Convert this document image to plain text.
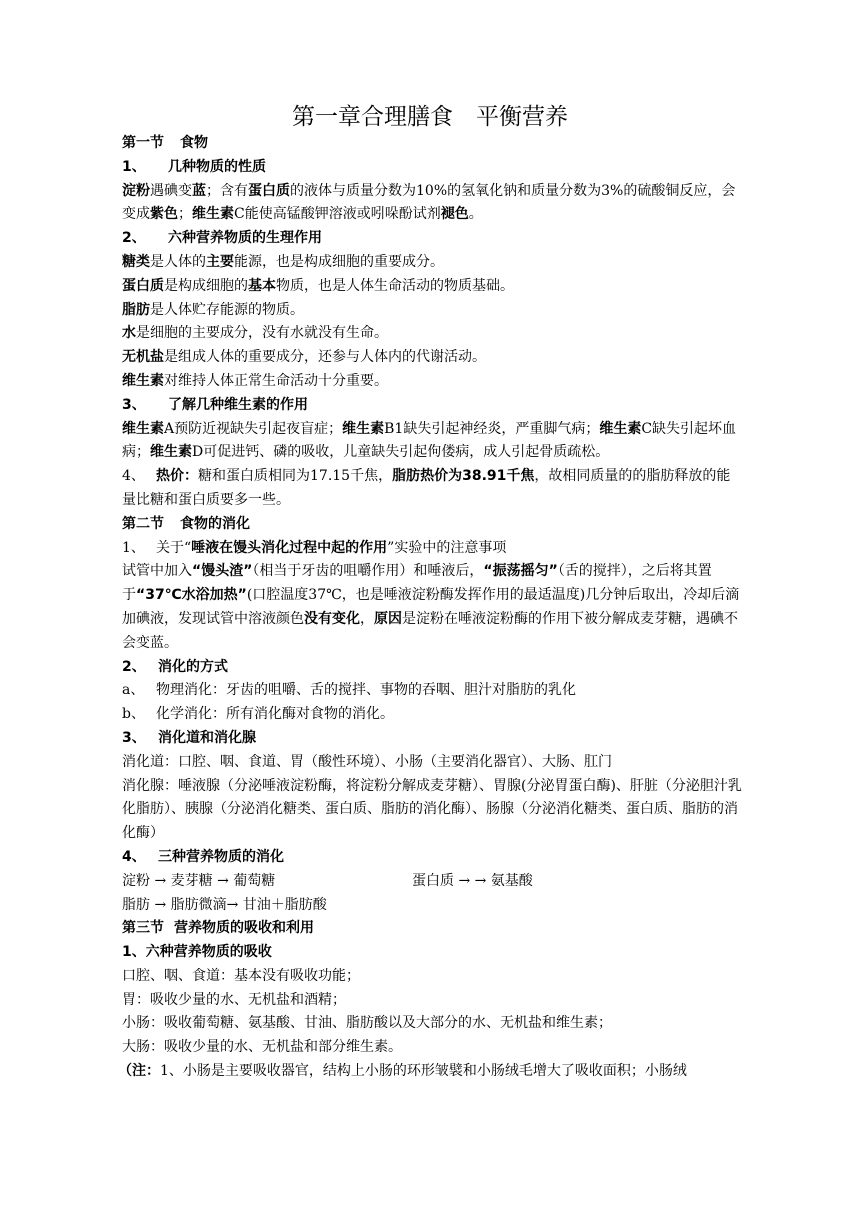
第一章合理膳食　平衡营养

第一节 食物

1、 几种物质的性质

淀粉遇碘变蓝；含有蛋白质的液体与质量分数为10%的氢氧化钠和质量分数为3%的硫酸铜反应，会变成紫色；维生素C能使高锰酸钾溶液或吲哚酚试剂褪色。

2、 六种营养物质的生理作用

糖类是人体的主要能源，也是构成细胞的重要成分。

蛋白质是构成细胞的基本物质，也是人体生命活动的物质基础。

脂肪是人体贮存能源的物质。

水是细胞的主要成分，没有水就没有生命。

无机盐是组成人体的重要成分，还参与人体内的代谢活动。

维生素对维持人体正常生命活动十分重要。

3、 了解几种维生素的作用

维生素A预防近视缺失引起夜盲症；维生素B1缺失引起神经炎，严重脚气病；维生素C缺失引起坏血病；维生素D可促进钙、磷的吸收，儿童缺失引起佝偻病，成人引起骨质疏松。

4、 热价：糖和蛋白质相同为17.15千焦，脂肪热价为38.91千焦，故相同质量的的脂肪释放的能量比糖和蛋白质要多一些。

第二节 食物的消化

1、 关于“唾液在馒头消化过程中起的作用”实验中的注意事项

试管中加入“馒头渣”（相当于牙齿的咀嚼作用）和唾液后，“振荡摇匀”（舌的搅拌），之后将其置于“37℃水浴加热”(口腔温度37℃，也是唾液淀粉酶发挥作用的最适温度)几分钟后取出，冷却后滴加碘液，发现试管中溶液颜色没有变化，原因是淀粉在唾液淀粉酶的作用下被分解成麦芽糖，遇碘不会变蓝。

2、 消化的方式

a、 物理消化：牙齿的咀嚼、舌的搅拌、事物的吞咽、胆汁对脂肪的乳化

b、 化学消化：所有消化酶对食物的消化。

3、 消化道和消化腺

消化道：口腔、咽、食道、胃（酸性环境）、小肠（主要消化器官）、大肠、肛门

消化腺：唾液腺（分泌唾液淀粉酶，将淀粉分解成麦芽糖）、胃腺(分泌胃蛋白酶)、肝脏（分泌胆汁乳化脂肪）、胰腺（分泌消化糖类、蛋白质、脂肪的消化酶）、肠腺（分泌消化糖类、蛋白质、脂肪的消化酶）

4、 三种营养物质的消化

淀粉 → 麦芽糖 → 葡萄糖	蛋白质 → → 氨基酸

脂肪 → 脂肪微滴→ 甘油＋脂肪酸

第三节 营养物质的吸收和利用

1、六种营养物质的吸收

口腔、咽、食道：基本没有吸收功能；

胃：吸收少量的水、无机盐和酒精；

小肠：吸收葡萄糖、氨基酸、甘油、脂肪酸以及大部分的水、无机盐和维生素；

大肠：吸收少量的水、无机盐和部分维生素。

（注：1、小肠是主要吸收器官，结构上小肠的环形皱襞和小肠绒毛增大了吸收面积；小肠绒
